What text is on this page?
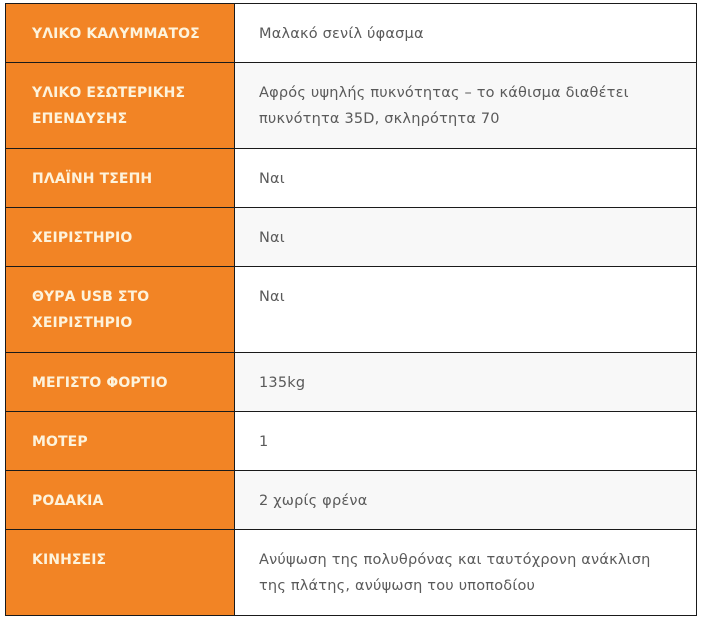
ΥΛΙΚΟ ΚΑΛΥΜΜΑΤΟΣ	Μαλακό σενίλ ύφασμα
ΥΛΙΚΟ ΕΣΩΤΕΡΙΚΗΣ ΕΠΕΝΔΥΣΗΣ	Αφρός υψηλής πυκνότητας – το κάθισμα διαθέτει πυκνότητα 35D, σκληρότητα 70
ΠΛΑΪΝΗ ΤΣΕΠΗ	Ναι
ΧΕΙΡΙΣΤΗΡΙΟ	Ναι
ΘΥΡΑ USB ΣΤΟ ΧΕΙΡΙΣΤΗΡΙΟ	Ναι
ΜΕΓΙΣΤΟ ΦΟΡΤΙΟ	135kg
ΜΟΤΕΡ	1
ΡΟΔΑΚΙΑ	2 χωρίς φρένα
ΚΙΝΗΣΕΙΣ	Ανύψωση της πολυθρόνας και ταυτόχρονη ανάκλιση της πλάτης, ανύψωση του υποποδίου
